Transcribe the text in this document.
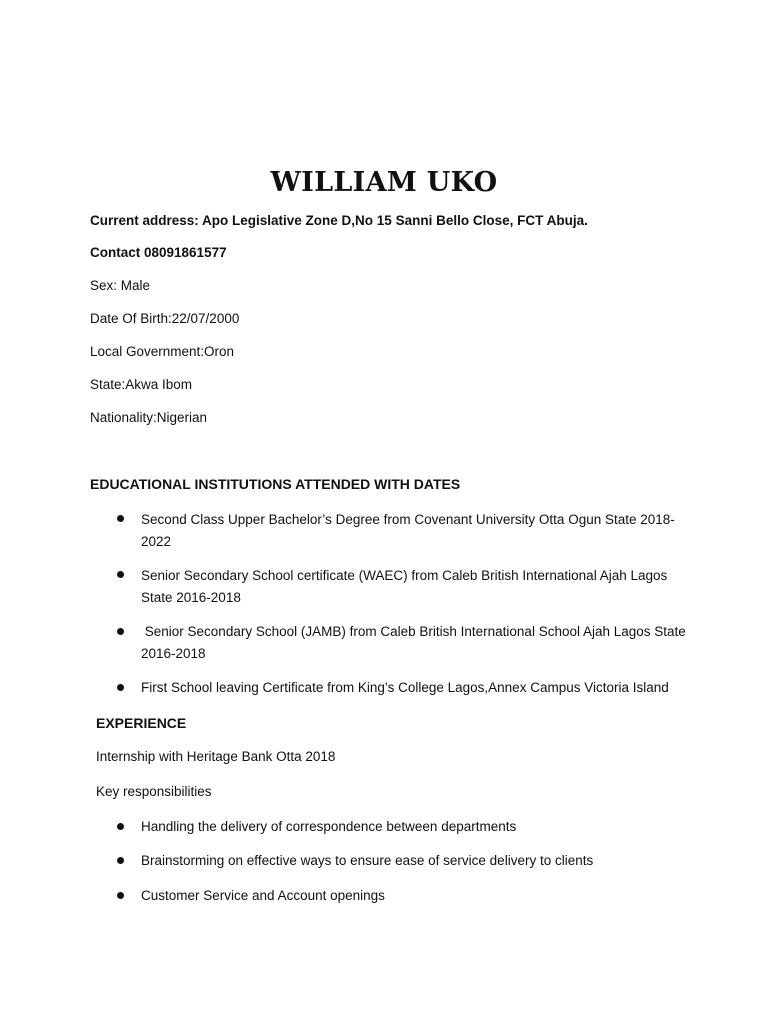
WILLIAM UKO
Current address: Apo Legislative Zone D,No 15 Sanni Bello Close, FCT Abuja.
Contact 08091861577
Sex: Male
Date Of Birth:22/07/2000
Local Government:Oron
State:Akwa Ibom
Nationality:Nigerian
EDUCATIONAL INSTITUTIONS ATTENDED WITH DATES
Second Class Upper Bachelor’s Degree from Covenant University Otta Ogun State 2018-2022
Senior Secondary School certificate (WAEC) from Caleb British International Ajah Lagos State 2016-2018
Senior Secondary School (JAMB) from Caleb British International School Ajah Lagos State 2016-2018
First School leaving Certificate from King’s College Lagos,Annex Campus Victoria Island
EXPERIENCE
Internship with Heritage Bank Otta 2018
Key responsibilities
Handling the delivery of correspondence between departments
Brainstorming on effective ways to ensure ease of service delivery to clients
Customer Service and Account openings
